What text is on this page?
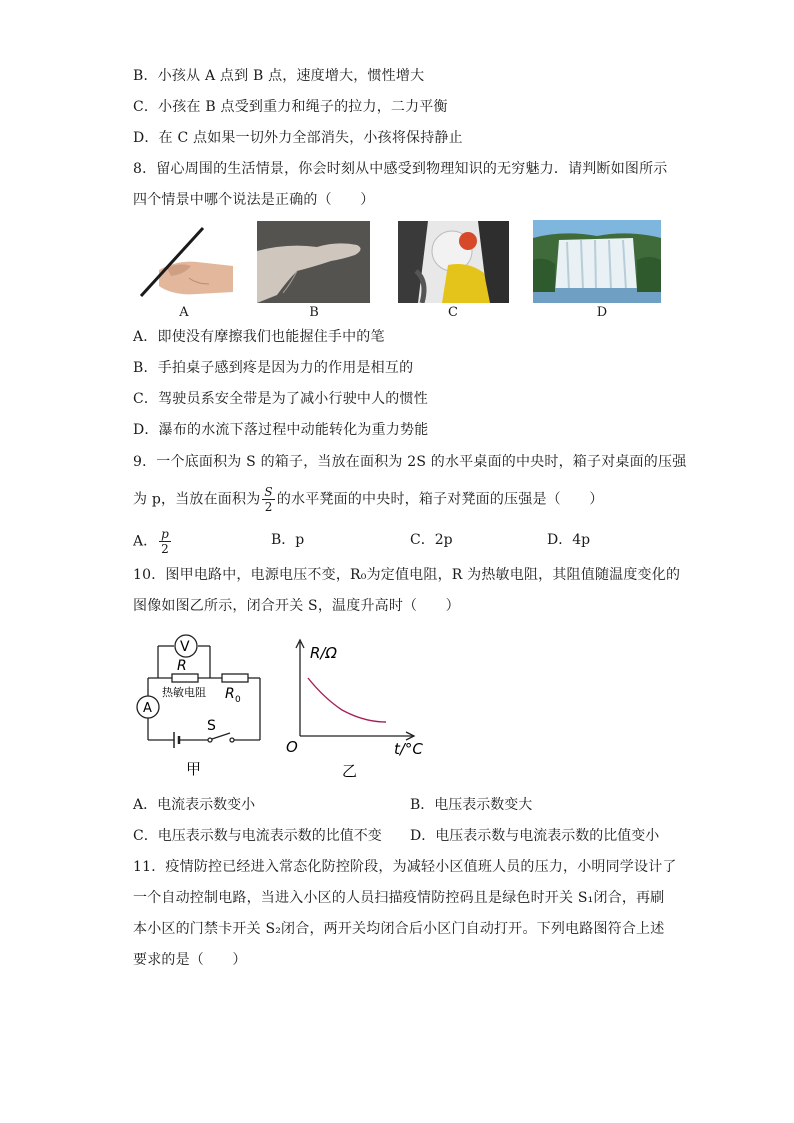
B．小孩从 A 点到 B 点，速度增大，惯性增大
C．小孩在 B 点受到重力和绳子的拉力，二力平衡
D．在 C 点如果一切外力全部消失，小孩将保持静止
8．留心周围的生活情景，你会时刻从中感受到物理知识的无穷魅力．请判断如图所示
四个情景中哪个说法是正确的（　　）
A	B	C	D
A．即使没有摩擦我们也能握住手中的笔
B．手拍桌子感到疼是因为力的作用是相互的
C．驾驶员系安全带是为了减小行驶中人的惯性
D．瀑布的水流下落过程中动能转化为重力势能
9．一个底面积为 S 的箱子，当放在面积为 2S 的水平桌面的中央时，箱子对桌面的压强
为 p，当放在面积为 $\frac{S}{2}$ 的水平凳面的中央时，箱子对凳面的压强是（　　）
A． $\frac{p}{2}$	B．p	C．2p	D．4p
10．图甲电路中，电源电压不变，R₀为定值电阻，R 为热敏电阻，其阻值随温度变化的
图像如图乙所示，闭合开关 S，温度升高时（　　）
V
A
R
热敏电阻 R 0
S
甲
R/Ω
O	t/°C
乙
A．电流表示数变小	B．电压表示数变大
C．电压表示数与电流表示数的比值不变 D．电压表示数与电流表示数的比值变小
11．疫情防控已经进入常态化防控阶段，为减轻小区值班人员的压力，小明同学设计了
一个自动控制电路，当进入小区的人员扫描疫情防控码且是绿色时开关 S₁闭合，再刷
本小区的门禁卡开关 S₂闭合，两开关均闭合后小区门自动打开。下列电路图符合上述
要求的是（　　）
